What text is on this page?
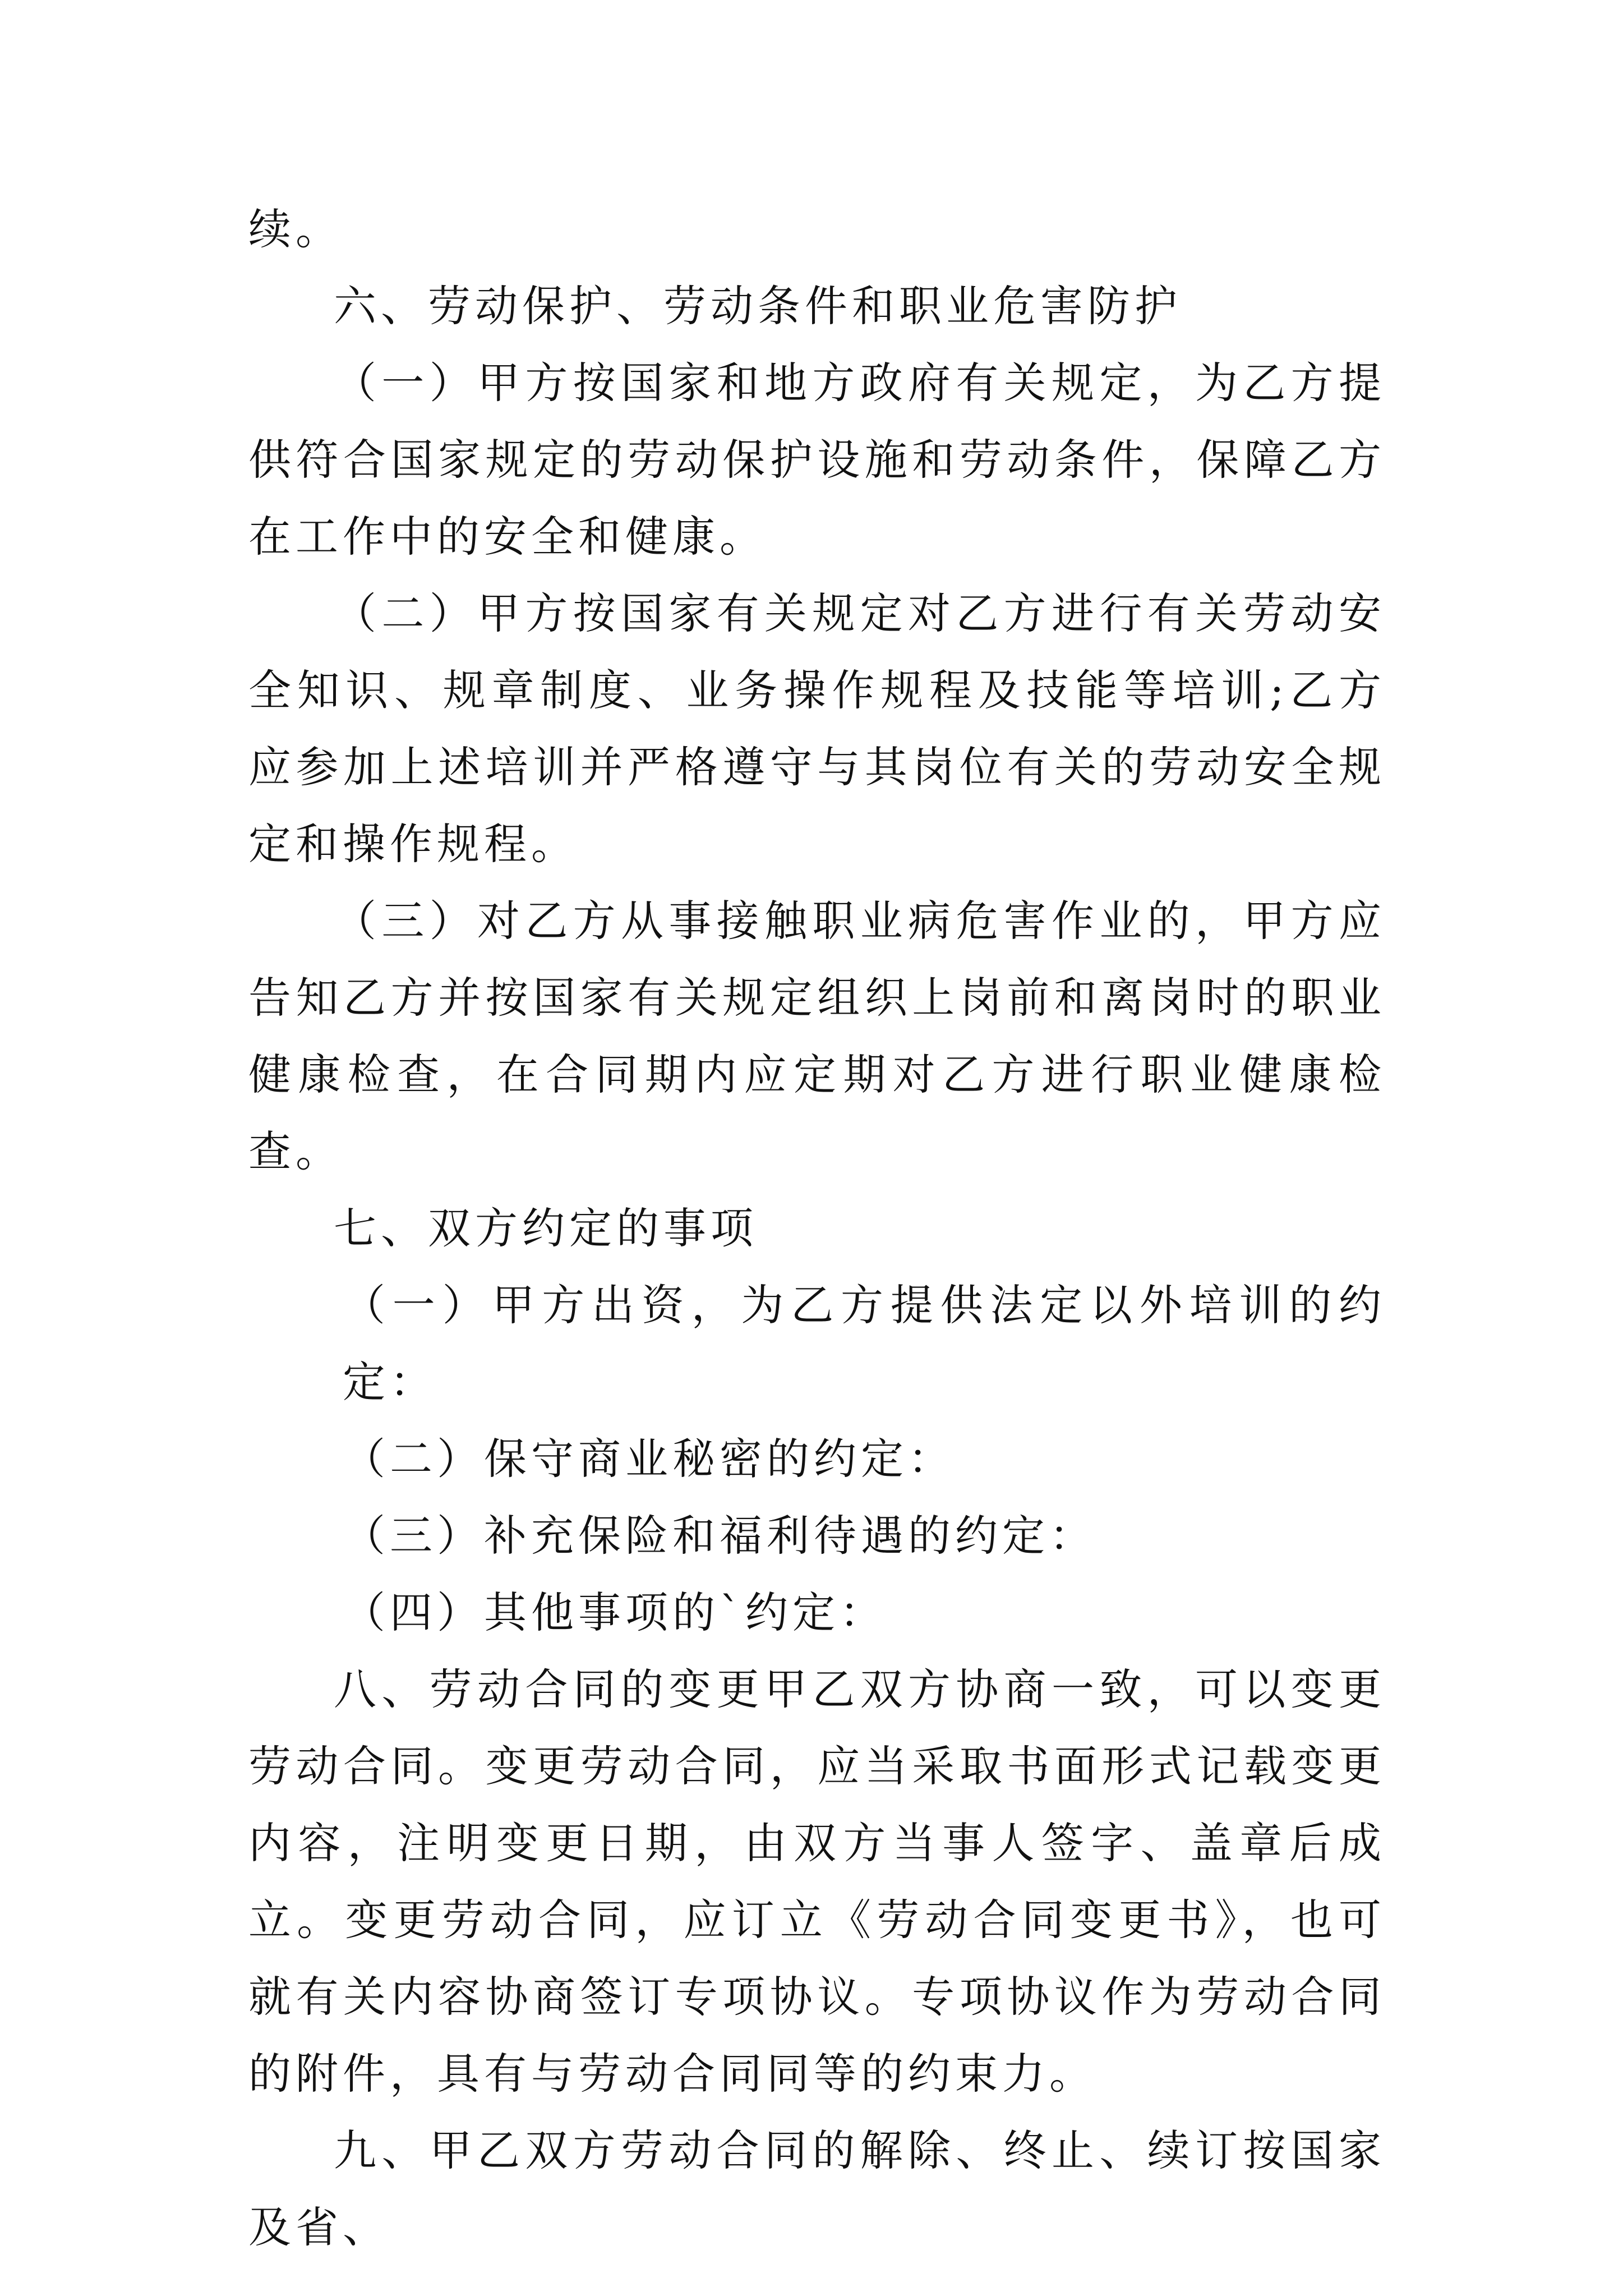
续。

六、劳动保护、劳动条件和职业危害防护

（一）甲方按国家和地方政府有关规定，为乙方提供符合国家规定的劳动保护设施和劳动条件，保障乙方在工作中的安全和健康。

（二）甲方按国家有关规定对乙方进行有关劳动安全知识、规章制度、业务操作规程及技能等培训;乙方应参加上述培训并严格遵守与其岗位有关的劳动安全规定和操作规程。

（三）对乙方从事接触职业病危害作业的，甲方应告知乙方并按国家有关规定组织上岗前和离岗时的职业健康检查，在合同期内应定期对乙方进行职业健康检查。

七、双方约定的事项

（一）甲方出资，为乙方提供法定以外培训的约定：

（二）保守商业秘密的约定：

（三）补充保险和福利待遇的约定：

（四）其他事项的`约定：

八、劳动合同的变更甲乙双方协商一致，可以变更劳动合同。变更劳动合同，应当采取书面形式记载变更内容，注明变更日期，由双方当事人签字、盖章后成立。变更劳动合同，应订立《劳动合同变更书》，也可就有关内容协商签订专项协议。专项协议作为劳动合同的附件，具有与劳动合同同等的约束力。

九、甲乙双方劳动合同的解除、终止、续订按国家及省、
